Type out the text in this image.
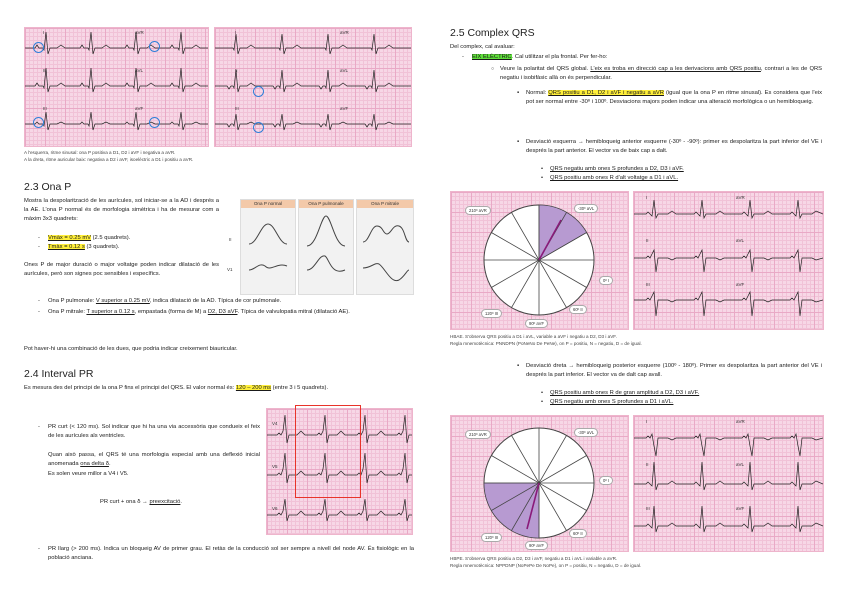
I	aVR
II	aVL
III	aVF
I	aVR
II	aVL
III	aVF
A l'esquerra, ritme sinusal: ona P positiva a D1, D2 i aVF i negativa a aVR.
A la dreta, ritme auricular baix: negativa a D2 i aVF, isoelèctric a D1 i positiu a aVR.
2.3 Ona P
Mostra la despolarització de les aurícules, sol iniciar-se a la AD i després a la AE. L'ona P normal és de morfologia simètrica i ha de mesurar com a màxim 3x3 quadrets:
- Vmàx = 0.25 mV (2.5 quadrets).
- Tmàx = 0.12 s (3 quadrets).
Ones P de major duració o major voltatge poden indicar dilatació de les aurícules, però son signes poc sensibles i específics.
- Ona P pulmonale: V superior a 0.25 mV, indica dilatació de la AD. Típica de cor pulmonale.
- Ona P mitrale: T superior a 0.12 s, empastada (forma de M) a D2, D3 aVF. Típica de valvulopatia mitral (dilatació AE).
Pot haver-hi una combinació de les dues, que podria indicar creixement biauricular.
II
V1
Ona P normal	Ona P pulmonale	Ona P mitrale
2.4 Interval PR
Es mesura des del principi de la ona P fins el principi del QRS. El valor normal és: 120 – 200 ms (entre 3 i 5 quadrets).
- PR curt (< 120 ms). Sol indicar que hi ha una via accessòria que condueix el feix de les aurícules als ventricles.
Quan això passa, el QRS té una morfologia especial amb una deflexió inicial anomenada ona delta δ.
Es solen veure millor a V4 i V5.
PR curt + ona δ → preexcitació.
V4
V5
V6
- PR llarg (> 200 ms). Indica un bloqueig AV de primer grau. El retàs de la conducció sol ser sempre a nivell del node AV. És fisiològic en la població anciana.
2.5 Complex QRS
Del complex, cal avaluar:
- EIX ELÈCTRIC. Cal utilitzar el pla frontal. Per fer-ho:
○ Veure la polaritat del QRS global. L'eix es troba en direcció cap a les derivacions amb QRS positiu, contrari a les de QRS negatiu i isobifàsic allà on és perpendicular.
▪ Normal: QRS positiu a D1, D2 i aVF i negatiu a aVR (igual que la ona P en ritme sinusal). Es considera que l'eix pot ser normal entre -30º i 100º. Desviacions majors poden indicar una alteració morfològica o un hemibloqueig.
▪ Desviació esquerra → hemibloqueig anterior esquerre (-30º - -90º): primer es despolaritza la part inferior del VE i després la part anterior. El vector va de baix cap a dalt.
• QRS negatiu amb ones S profundes a D2, D3 i aVF.
• QRS positiu amb ones R d'alt voltatge a D1 i aVL.
210º aVR	-30º aVL
0º I
60º II
90º aVF
120º III
I	aVR
II	aVL
III	aVF
HBAE. S'observa QRS positiu a D1 i aVL, variable a aVF i negatiu a D2, D3 i aVF.
Regla mnemotècnica: PNNDPN (PoNeNo De PeNe), on P = positiu, N = negatiu, D = de igual.
▪ Desviació dreta → hemibloqueig posterior esquerre (100º - 180º). Primer es despolaritza la part anterior del VE i després la part inferior. El vector va de dalt cap avall.
• QRS positiu amb ones R de gran amplitud a D2, D3 i aVF.
• QRS negatiu amb ones S profundes a D1 i aVL.
210º aVR	-30º aVL
0º I
60º II
90º aVF
120º III
I	aVR
II	aVL
III	aVF
HBPE. S'observa QRS positiu a D2, D3 i aVF, negatiu a D1 i aVL i variable a aVR.
Regla mnemotècnica: NPPDNP (NoPePe De NoPe), on P = positiu, N = negatiu, D = de igual.
